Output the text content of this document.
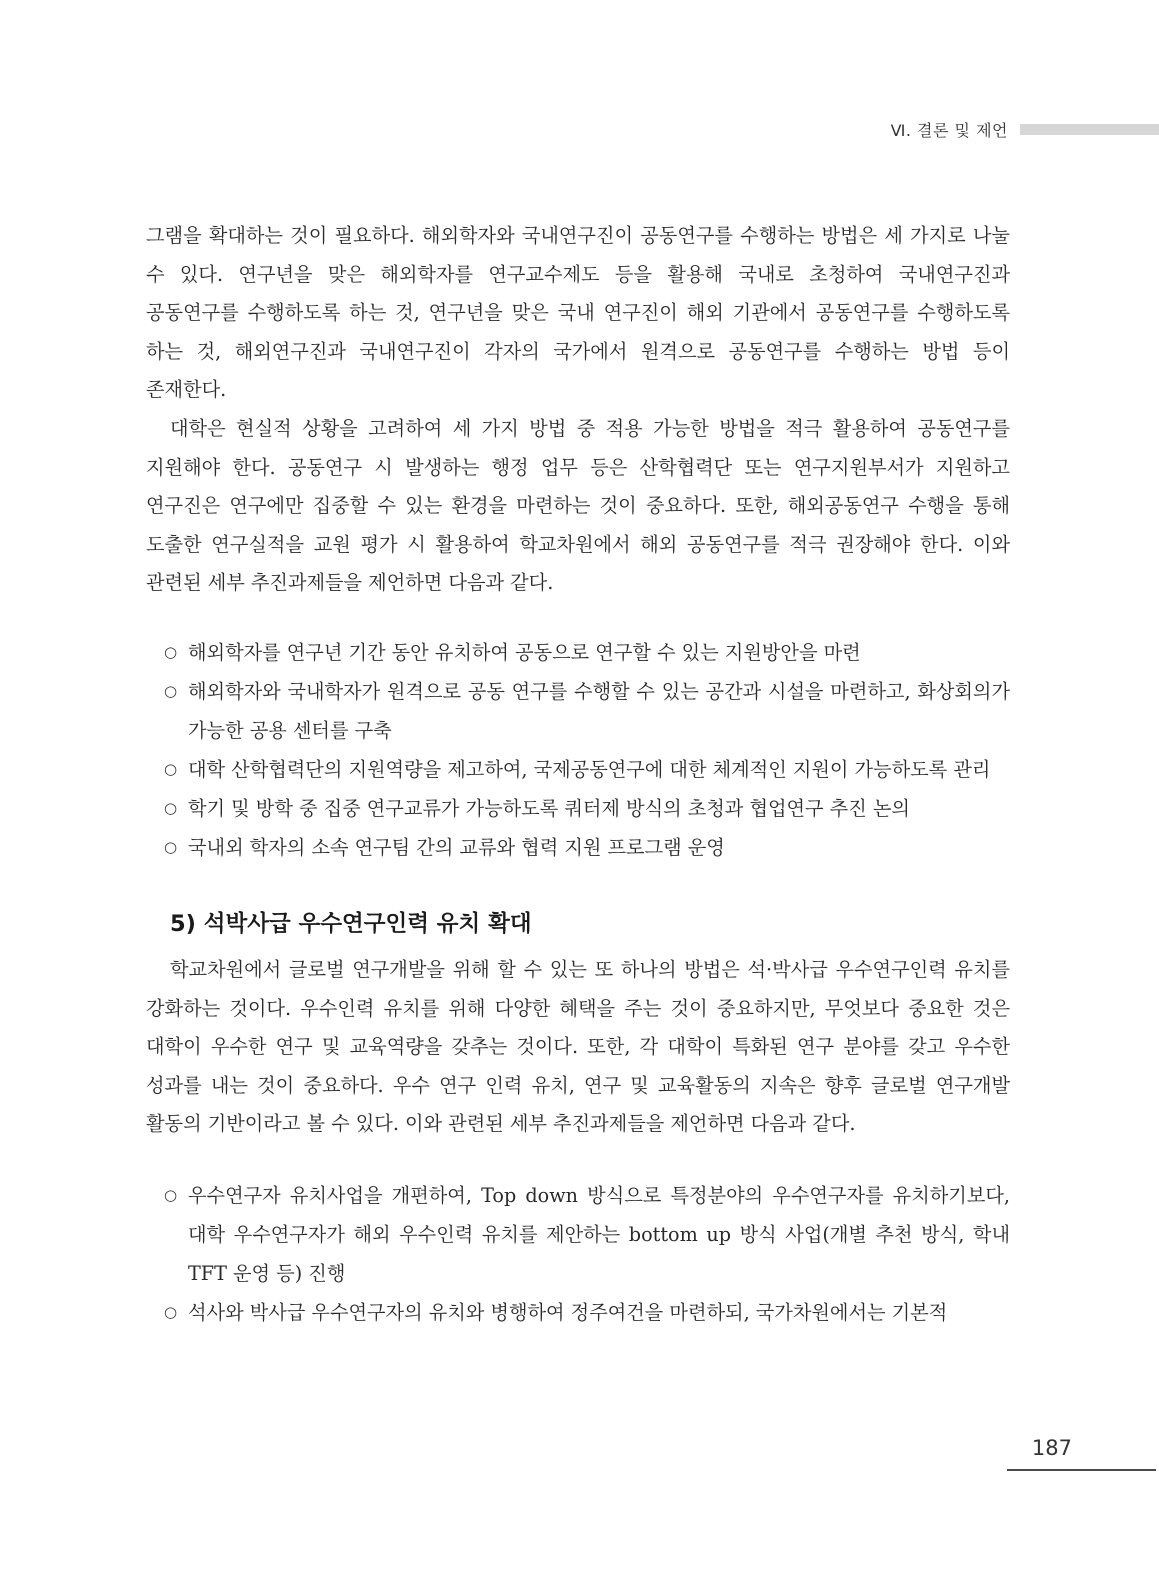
Ⅵ. 결론 및 제언

그램을 확대하는 것이 필요하다. 해외학자와 국내연구진이 공동연구를 수행하는 방법은 세 가지로 나눌 수 있다. 연구년을 맞은 해외학자를 연구교수제도 등을 활용해 국내로 초청하여 국내연구진과 공동연구를 수행하도록 하는 것, 연구년을 맞은 국내 연구진이 해외 기관에서 공동연구를 수행하도록 하는 것, 해외연구진과 국내연구진이 각자의 국가에서 원격으로 공동연구를 수행하는 방법 등이 존재한다.

대학은 현실적 상황을 고려하여 세 가지 방법 중 적용 가능한 방법을 적극 활용하여 공동연구를 지원해야 한다. 공동연구 시 발생하는 행정 업무 등은 산학협력단 또는 연구지원부서가 지원하고 연구진은 연구에만 집중할 수 있는 환경을 마련하는 것이 중요하다. 또한, 해외공동연구 수행을 통해 도출한 연구실적을 교원 평가 시 활용하여 학교차원에서 해외 공동연구를 적극 권장해야 한다. 이와 관련된 세부 추진과제들을 제언하면 다음과 같다.

○ 해외학자를 연구년 기간 동안 유치하여 공동으로 연구할 수 있는 지원방안을 마련
○ 해외학자와 국내학자가 원격으로 공동 연구를 수행할 수 있는 공간과 시설을 마련하고, 화상회의가 가능한 공용 센터를 구축
○ 대학 산학협력단의 지원역량을 제고하여, 국제공동연구에 대한 체계적인 지원이 가능하도록 관리
○ 학기 및 방학 중 집중 연구교류가 가능하도록 쿼터제 방식의 초청과 협업연구 추진 논의
○ 국내외 학자의 소속 연구팀 간의 교류와 협력 지원 프로그램 운영
5) 석박사급 우수연구인력 유치 확대

학교차원에서 글로벌 연구개발을 위해 할 수 있는 또 하나의 방법은 석·박사급 우수연구인력 유치를 강화하는 것이다. 우수인력 유치를 위해 다양한 혜택을 주는 것이 중요하지만, 무엇보다 중요한 것은 대학이 우수한 연구 및 교육역량을 갖추는 것이다. 또한, 각 대학이 특화된 연구 분야를 갖고 우수한 성과를 내는 것이 중요하다. 우수 연구 인력 유치, 연구 및 교육활동의 지속은 향후 글로벌 연구개발 활동의 기반이라고 볼 수 있다. 이와 관련된 세부 추진과제들을 제언하면 다음과 같다.

○ 우수연구자 유치사업을 개편하여, Top down 방식으로 특정분야의 우수연구자를 유치하기보다, 대학 우수연구자가 해외 우수인력 유치를 제안하는 bottom up 방식 사업(개별 추천 방식, 학내 TFT 운영 등) 진행
○ 석사와 박사급 우수연구자의 유치와 병행하여 정주여건을 마련하되, 국가차원에서는 기본적
187
